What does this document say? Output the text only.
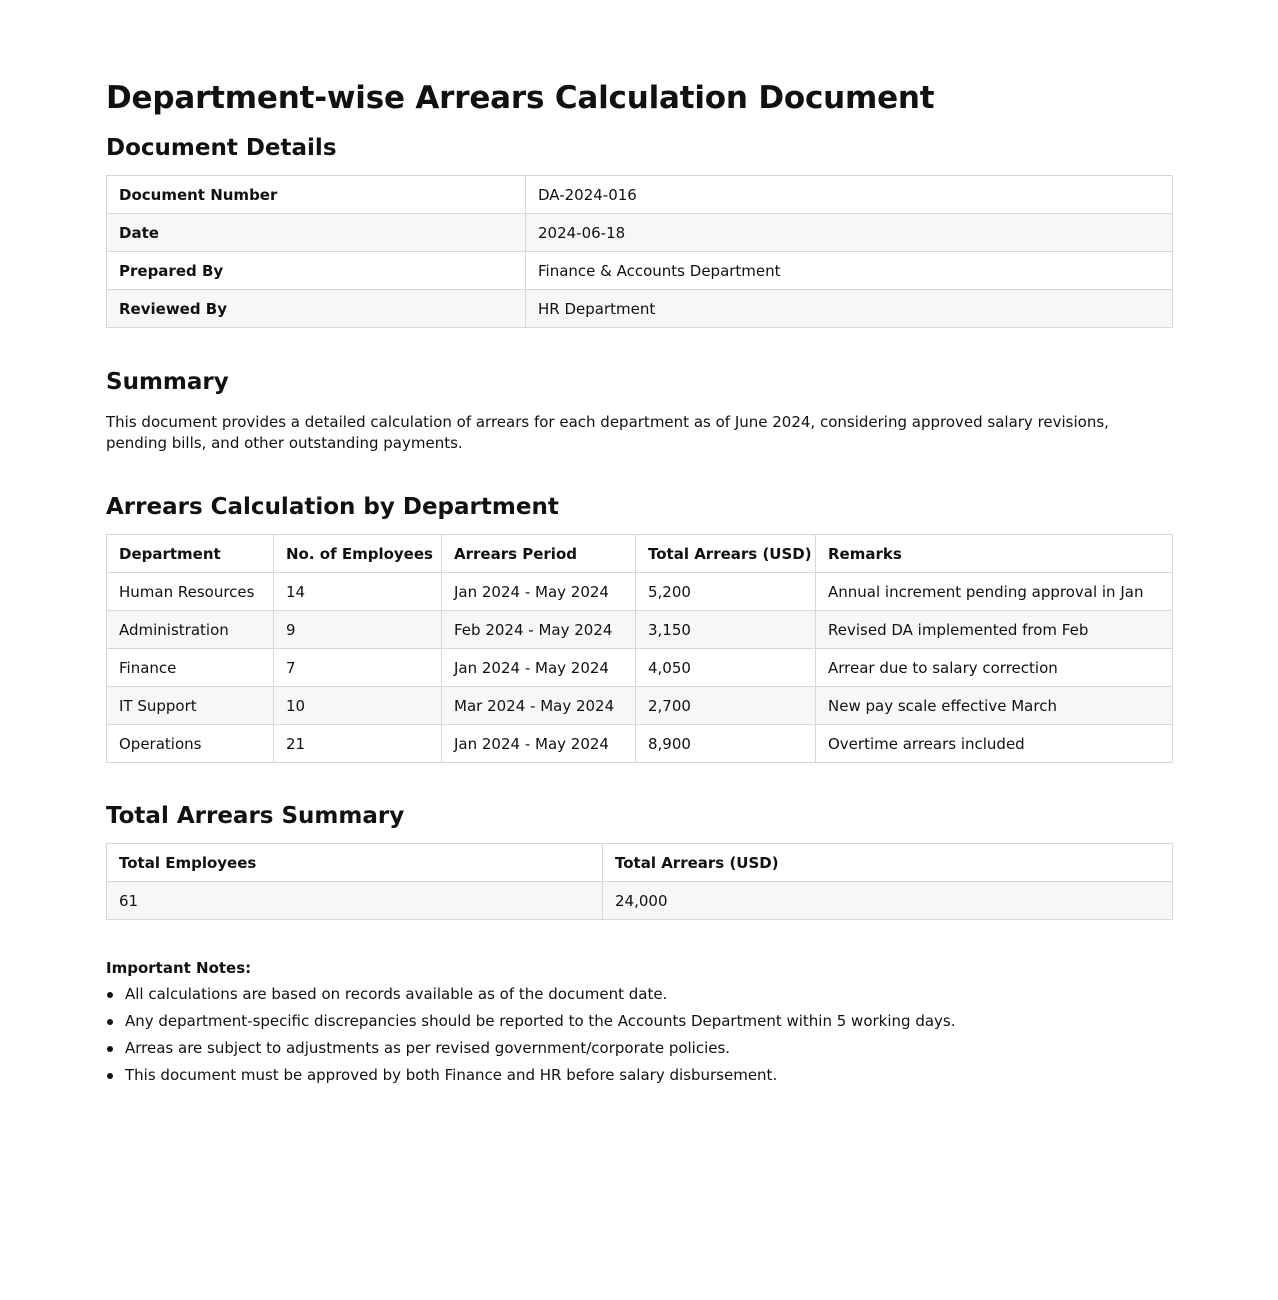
Department-wise Arrears Calculation Document
Document Details
Document Number	DA-2024-016
Date	2024-06-18
Prepared By	Finance & Accounts Department
Reviewed By	HR Department
Summary

This document provides a detailed calculation of arrears for each department as of June 2024, considering approved salary revisions, pending bills, and other outstanding payments.

Arrears Calculation by Department
Department	No. of Employees	Arrears Period	Total Arrears (USD)	Remarks
Human Resources	14	Jan 2024 - May 2024	5,200	Annual increment pending approval in Jan
Administration	9	Feb 2024 - May 2024	3,150	Revised DA implemented from Feb
Finance	7	Jan 2024 - May 2024	4,050	Arrear due to salary correction
IT Support	10	Mar 2024 - May 2024	2,700	New pay scale effective March
Operations	21	Jan 2024 - May 2024	8,900	Overtime arrears included
Total Arrears Summary
Total Employees	Total Arrears (USD)
61	24,000

Important Notes:

All calculations are based on records available as of the document date.
Any department-specific discrepancies should be reported to the Accounts Department within 5 working days.
Arreas are subject to adjustments as per revised government/corporate policies.
This document must be approved by both Finance and HR before salary disbursement.
